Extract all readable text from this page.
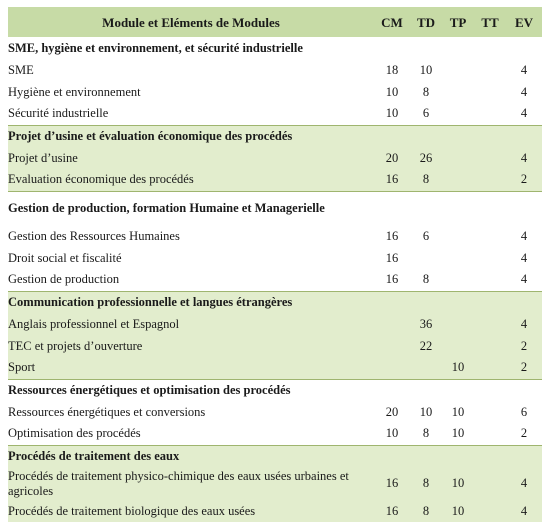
Module et Eléments de Modules	CM	TD	TP	TT	EV
SME, hygiène et environnement, et sécurité industrielle					
SME	18	10			4
Hygiène et environnement	10	8			4
Sécurité industrielle	10	6			4
Projet d’usine et évaluation économique des procédés					
Projet d’usine	20	26			4
Evaluation économique des procédés	16	8			2
Gestion de production, formation Humaine et Managerielle					
Gestion des Ressources Humaines	16	6			4
Droit social et fiscalité	16				4
Gestion de production	16	8			4
Communication professionnelle et langues étrangères					
Anglais professionnel et Espagnol		36			4
TEC et projets d’ouverture		22			2
Sport			10		2
Ressources énergétiques et optimisation des procédés					
Ressources énergétiques et conversions	20	10	10		6
Optimisation des procédés	10	8	10		2
Procédés de traitement des eaux					
Procédés de traitement physico-chimique des eaux usées urbaines et agricoles	16	8	10		4
Procédés de traitement biologique des eaux usées	16	8	10		4
